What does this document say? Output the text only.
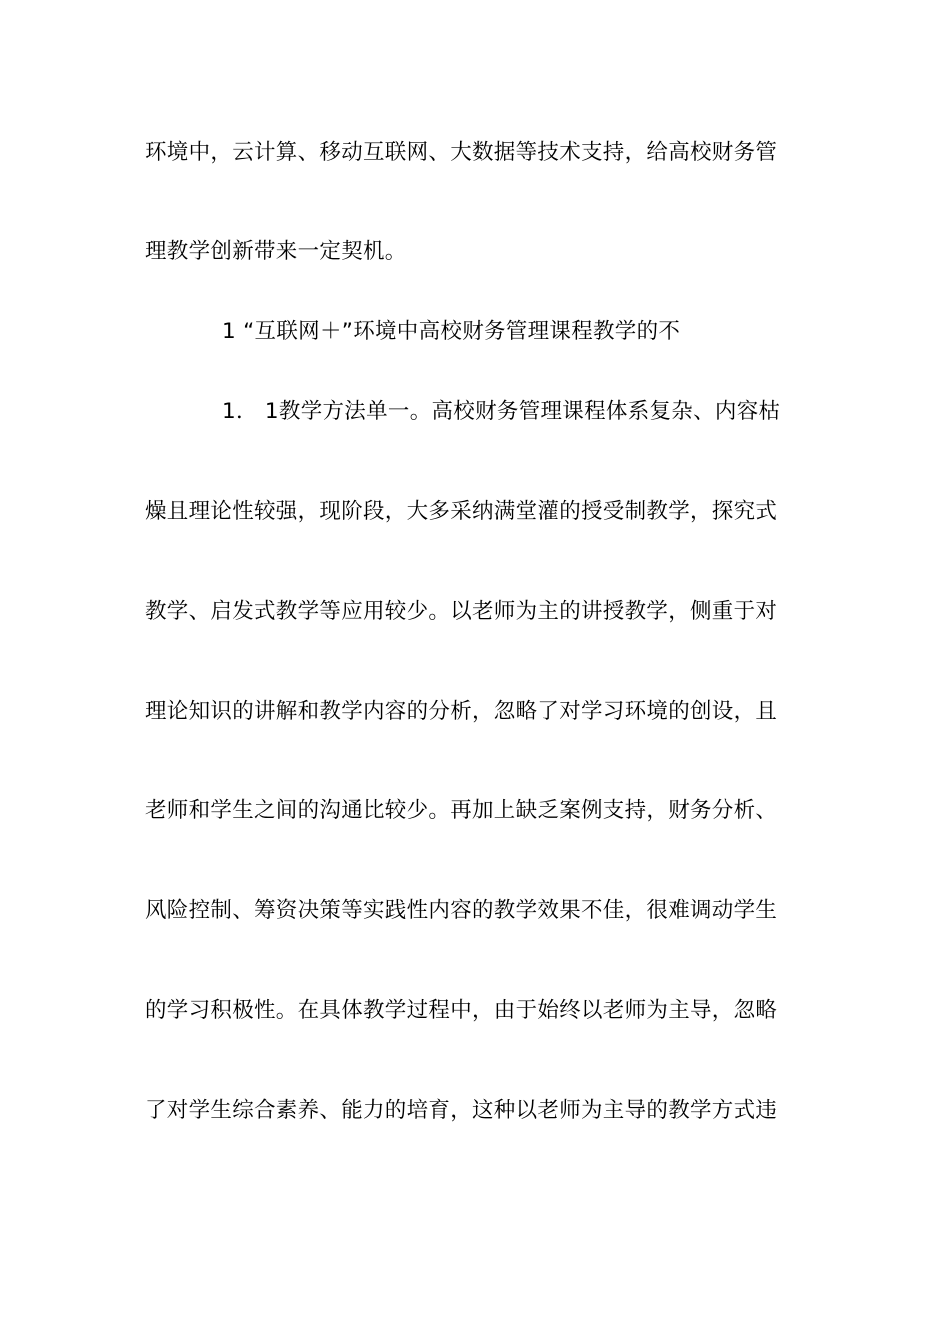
环境中，云计算、移动互联网、大数据等技术支持，给高校财务管
理教学创新带来一定契机。
1 “互联网＋”环境中高校财务管理课程教学的不
1． 1教学方法单一。高校财务管理课程体系复杂、内容枯
燥且理论性较强，现阶段，大多采纳满堂灌的授受制教学，探究式
教学、启发式教学等应用较少。以老师为主的讲授教学，侧重于对
理论知识的讲解和教学内容的分析，忽略了对学习环境的创设，且
老师和学生之间的沟通比较少。再加上缺乏案例支持，财务分析、
风险控制、筹资决策等实践性内容的教学效果不佳，很难调动学生
的学习积极性。在具体教学过程中，由于始终以老师为主导，忽略
了对学生综合素养、能力的培育，这种以老师为主导的教学方式违
